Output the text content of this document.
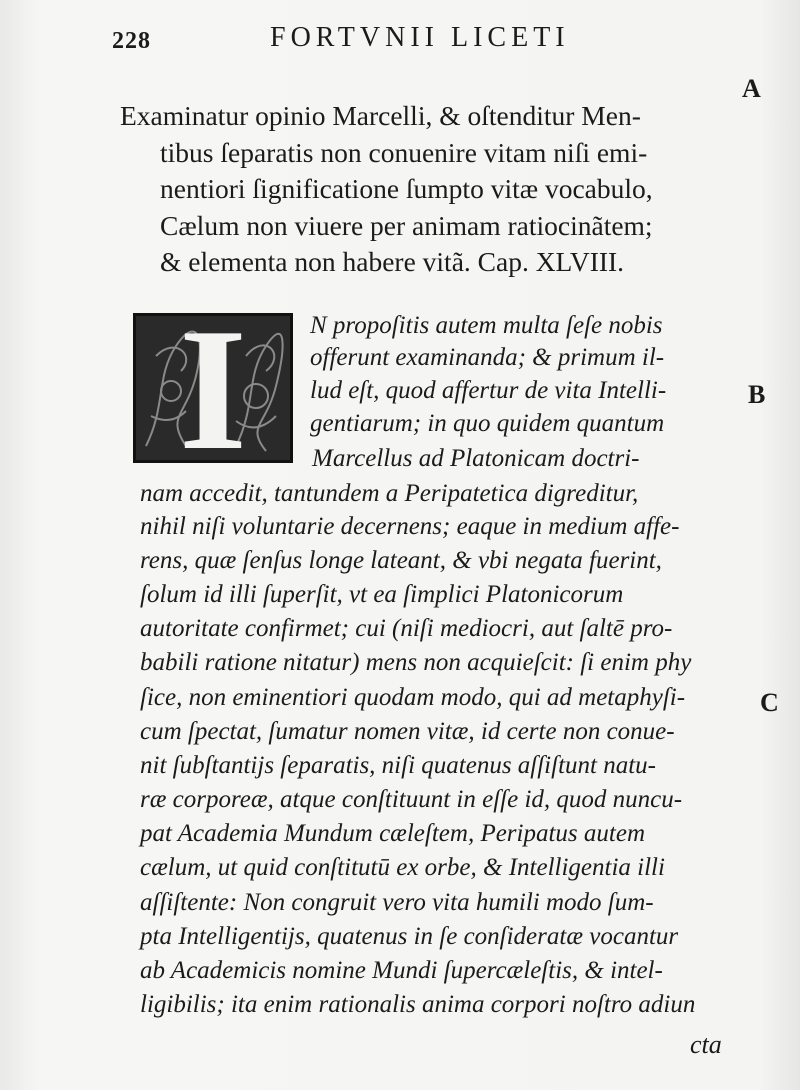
228	FORTVNII LICETI
A
B
C
Examinatur opinio Marcelli, & oſtenditur Men-
tibus ſeparatis non conuenire vitam niſi emi-
nentiori ſignificatione ſumpto vitæ vocabulo,
Cælum non viuere per animam ratiocinãtem;
& elementa non habere vitã. Cap. XLVIII.
I	N propoſitis autem multa ſeſe nobis
offerunt examinanda; & primum il-
lud eſt, quod affertur de vita Intelli-
gentiarum; in quo quidem quantum
Marcellus ad Platonicam doctri-
nam accedit, tantundem a Peripatetica digreditur,
nihil niſi voluntarie decernens; eaque in medium affe-
rens, quæ ſenſus longe lateant, & vbi negata fuerint,
ſolum id illi ſuperſit, vt ea ſimplici Platonicorum
autoritate confirmet; cui (niſi mediocri, aut ſaltē pro-
babili ratione nitatur) mens non acquieſcit: ſi enim phy
ſice, non eminentiori quodam modo, qui ad metaphyſi-
cum ſpectat, ſumatur nomen vitæ, id certe non conue-
nit ſubſtantijs ſeparatis, niſi quatenus aſſiſtunt natu-
ræ corporeæ, atque conſtituunt in eſſe id, quod nuncu-
pat Academia Mundum cæleſtem, Peripatus autem
cælum, ut quid conſtitutū ex orbe, & Intelligentia illi
aſſiſtente: Non congruit vero vita humili modo ſum-
pta Intelligentijs, quatenus in ſe conſideratæ vocantur
ab Academicis nomine Mundi ſupercæleſtis, & intel-
ligibilis; ita enim rationalis anima corpori noſtro adiun
cta
